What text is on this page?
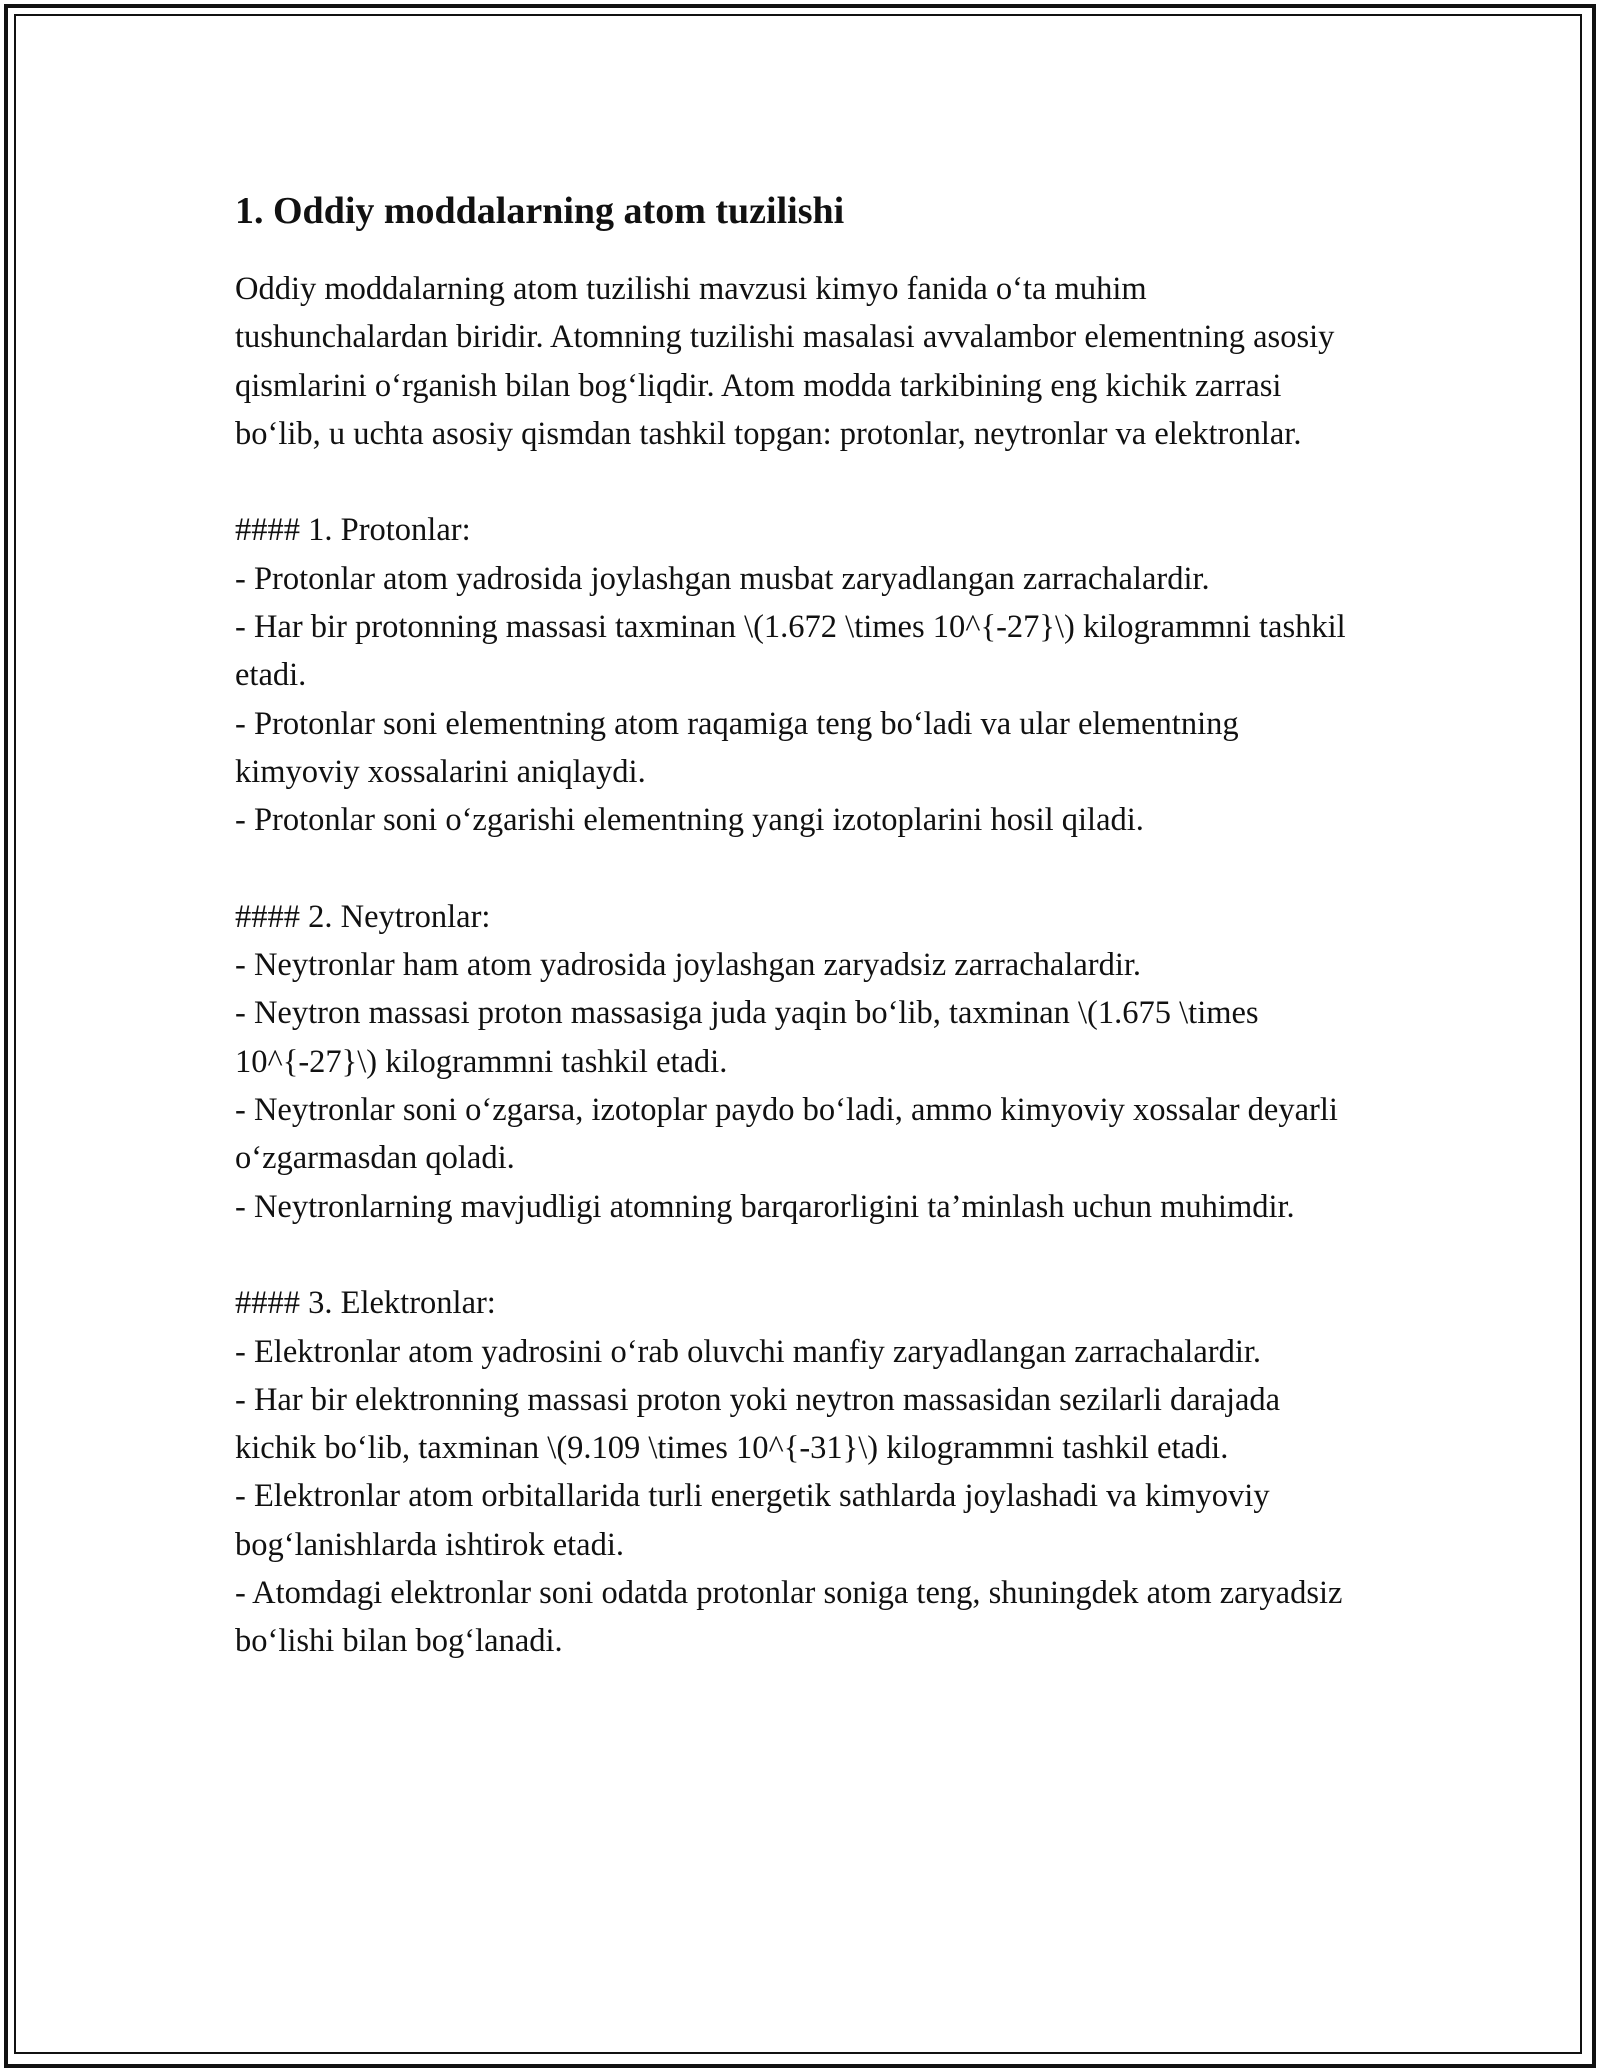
1. Oddiy moddalarning atom tuzilishi

Oddiy moddalarning atom tuzilishi mavzusi kimyo fanida o‘ta muhim tushunchalardan biridir. Atomning tuzilishi masalasi avvalambor elementning asosiy qismlarini o‘rganish bilan bog‘liqdir. Atom modda tarkibining eng kichik zarrasi bo‘lib, u uchta asosiy qismdan tashkil topgan: protonlar, neytronlar va elektronlar.

#### 1. Protonlar:

- Protonlar atom yadrosida joylashgan musbat zaryadlangan zarrachalardir.

- Har bir protonning massasi taxminan \(1.672 \times 10^{-27}\) kilogrammni tashkil etadi.

- Protonlar soni elementning atom raqamiga teng bo‘ladi va ular elementning kimyoviy xossalarini aniqlaydi.

- Protonlar soni o‘zgarishi elementning yangi izotoplarini hosil qiladi.

#### 2. Neytronlar:

- Neytronlar ham atom yadrosida joylashgan zaryadsiz zarrachalardir.

- Neytron massasi proton massasiga juda yaqin bo‘lib, taxminan \(1.675 \times 10^{-27}\) kilogrammni tashkil etadi.

- Neytronlar soni o‘zgarsa, izotoplar paydo bo‘ladi, ammo kimyoviy xossalar deyarli o‘zgarmasdan qoladi.

- Neytronlarning mavjudligi atomning barqarorligini ta’minlash uchun muhimdir.

#### 3. Elektronlar:

- Elektronlar atom yadrosini o‘rab oluvchi manfiy zaryadlangan zarrachalardir.

- Har bir elektronning massasi proton yoki neytron massasidan sezilarli darajada kichik bo‘lib, taxminan \(9.109 \times 10^{-31}\) kilogrammni tashkil etadi.

- Elektronlar atom orbitallarida turli energetik sathlarda joylashadi va kimyoviy bog‘lanishlarda ishtirok etadi.

- Atomdagi elektronlar soni odatda protonlar soniga teng, shuningdek atom zaryadsiz bo‘lishi bilan bog‘lanadi.
